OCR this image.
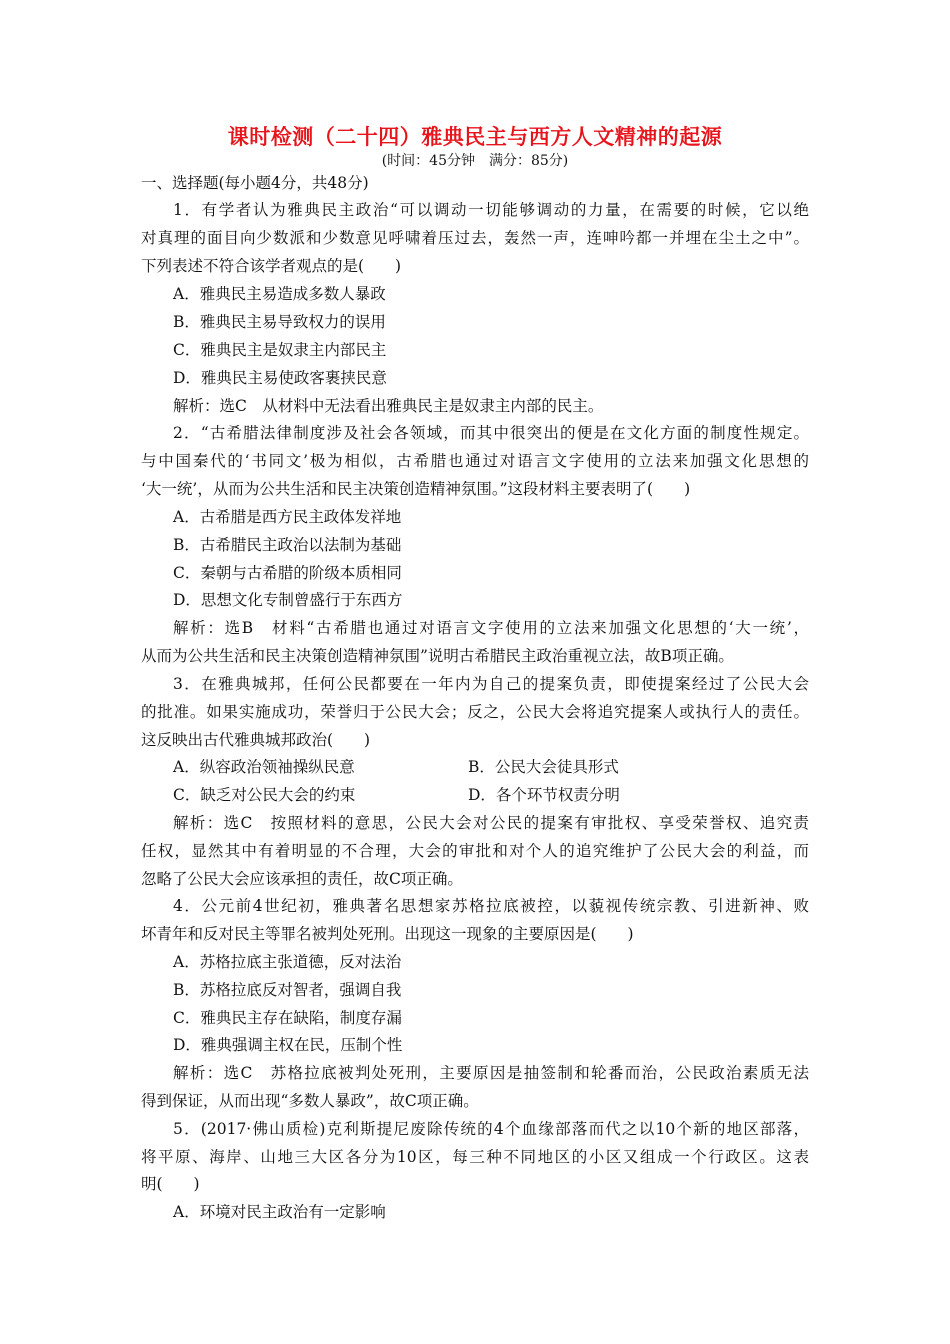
课时检测（二十四）雅典民主与西方人文精神的起源
(时间：45分钟　满分：85分)
一、选择题(每小题4分，共48分)
1．有学者认为雅典民主政治“可以调动一切能够调动的力量，在需要的时候，它以绝
对真理的面目向少数派和少数意见呼啸着压过去，轰然一声，连呻吟都一并埋在尘土之中”。
下列表述不符合该学者观点的是(　　)
A．雅典民主易造成多数人暴政
B．雅典民主易导致权力的误用
C．雅典民主是奴隶主内部民主
D．雅典民主易使政客裹挟民意
解析：选C　从材料中无法看出雅典民主是奴隶主内部的民主。
2．“古希腊法律制度涉及社会各领域，而其中很突出的便是在文化方面的制度性规定。
与中国秦代的‘书同文’极为相似，古希腊也通过对语言文字使用的立法来加强文化思想的
‘大一统’，从而为公共生活和民主决策创造精神氛围。”这段材料主要表明了(　　)
A．古希腊是西方民主政体发祥地
B．古希腊民主政治以法制为基础
C．秦朝与古希腊的阶级本质相同
D．思想文化专制曾盛行于东西方
解析：选B　材料“古希腊也通过对语言文字使用的立法来加强文化思想的‘大一统’，
从而为公共生活和民主决策创造精神氛围”说明古希腊民主政治重视立法，故B项正确。
3．在雅典城邦，任何公民都要在一年内为自己的提案负责，即使提案经过了公民大会
的批准。如果实施成功，荣誉归于公民大会；反之，公民大会将追究提案人或执行人的责任。
这反映出古代雅典城邦政治(　　)
A．纵容政治领袖操纵民意	B．公民大会徒具形式
C．缺乏对公民大会的约束	D．各个环节权责分明
解析：选C　按照材料的意思，公民大会对公民的提案有审批权、享受荣誉权、追究责
任权，显然其中有着明显的不合理，大会的审批和对个人的追究维护了公民大会的利益，而
忽略了公民大会应该承担的责任，故C项正确。
4．公元前4世纪初，雅典著名思想家苏格拉底被控，以藐视传统宗教、引进新神、败
坏青年和反对民主等罪名被判处死刑。出现这一现象的主要原因是(　　)
A．苏格拉底主张道德，反对法治
B．苏格拉底反对智者，强调自我
C．雅典民主存在缺陷，制度存漏
D．雅典强调主权在民，压制个性
解析：选C　苏格拉底被判处死刑，主要原因是抽签制和轮番而治，公民政治素质无法
得到保证，从而出现“多数人暴政”，故C项正确。
5．(2017·佛山质检)克利斯提尼废除传统的4个血缘部落而代之以10个新的地区部落，
将平原、海岸、山地三大区各分为10区，每三种不同地区的小区又组成一个行政区。这表
明(　　)
A．环境对民主政治有一定影响
